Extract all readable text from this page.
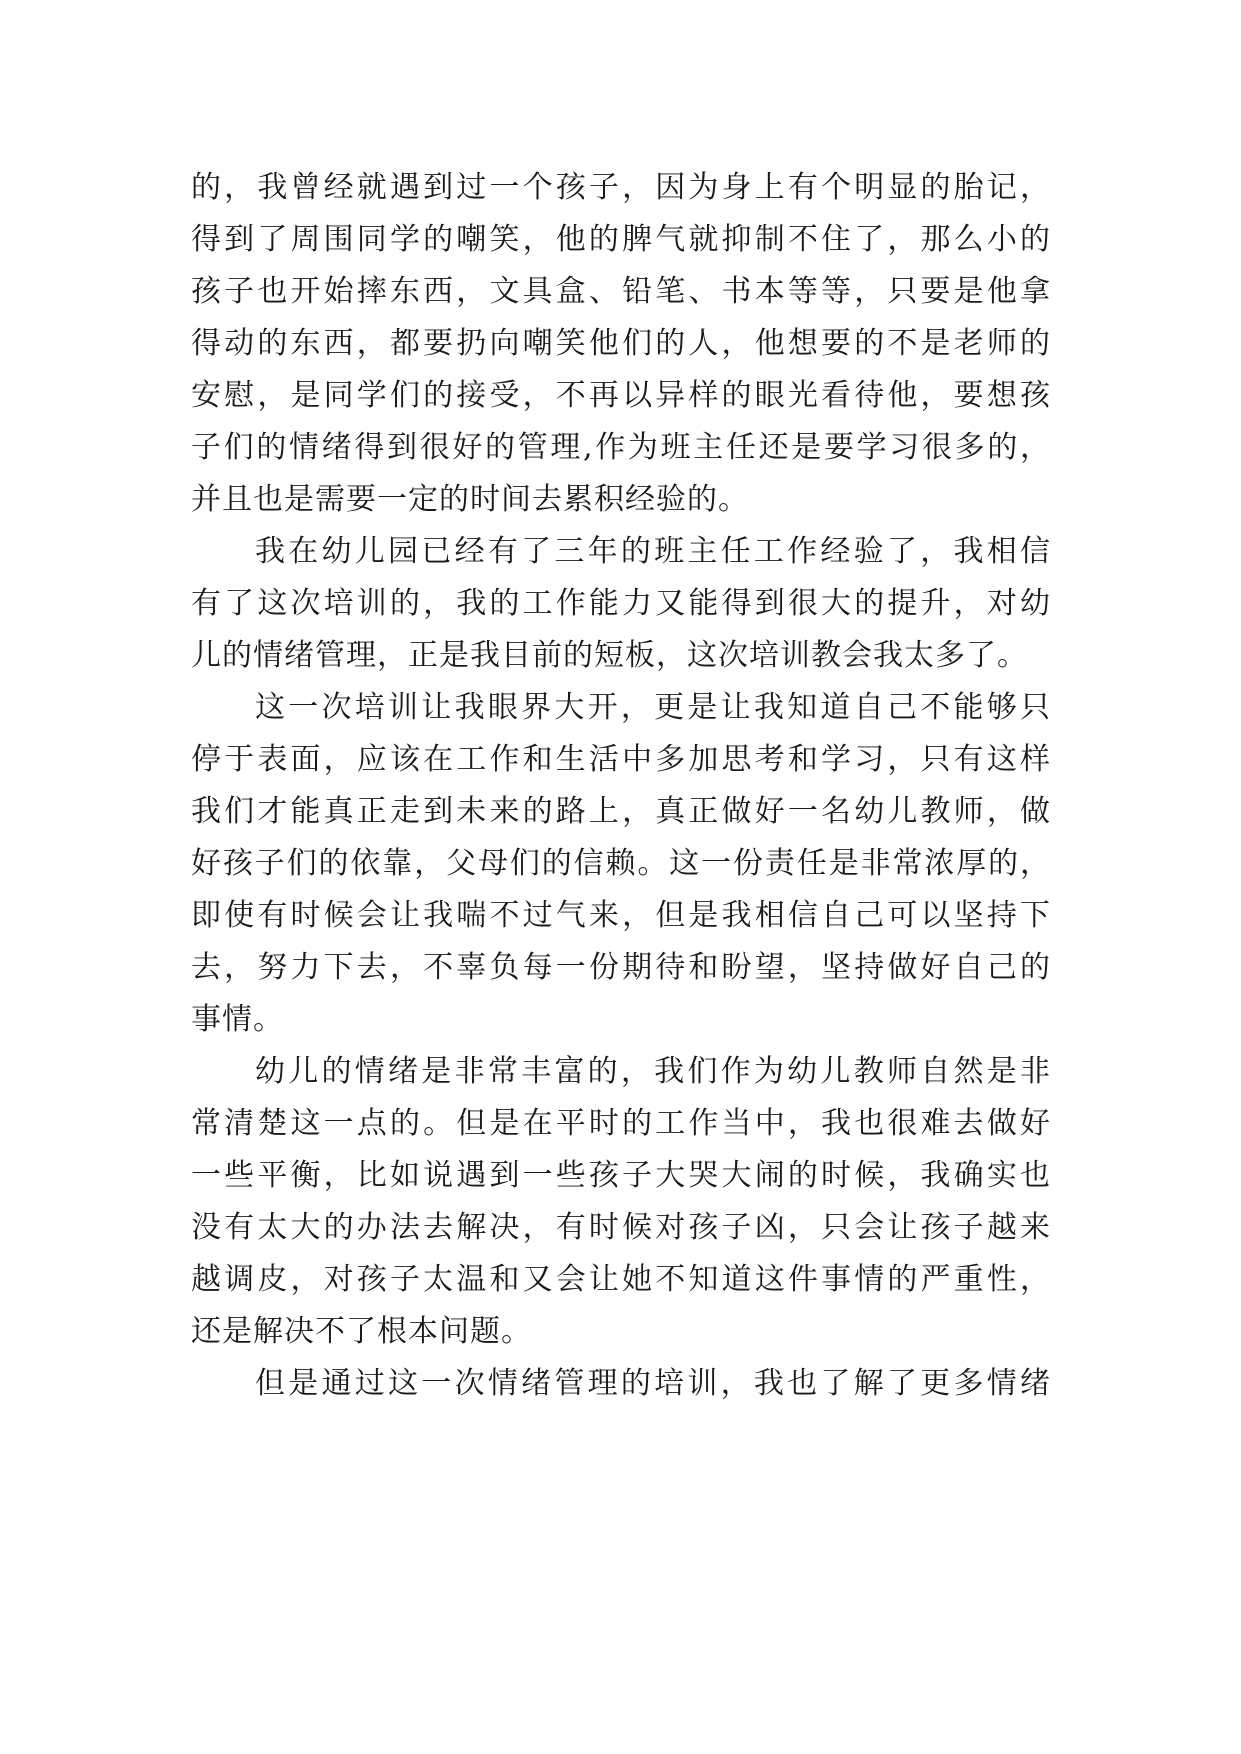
的，我曾经就遇到过一个孩子，因为身上有个明显的胎记，
得到了周围同学的嘲笑，他的脾气就抑制不住了，那么小的
孩子也开始摔东西，文具盒、铅笔、书本等等，只要是他拿
得动的东西，都要扔向嘲笑他们的人，他想要的不是老师的
安慰，是同学们的接受，不再以异样的眼光看待他，要想孩
子们的情绪得到很好的管理,作为班主任还是要学习很多的，
并且也是需要一定的时间去累积经验的。
我在幼儿园已经有了三年的班主任工作经验了，我相信
有了这次培训的，我的工作能力又能得到很大的提升，对幼
儿的情绪管理，正是我目前的短板，这次培训教会我太多了。
这一次培训让我眼界大开，更是让我知道自己不能够只
停于表面，应该在工作和生活中多加思考和学习，只有这样
我们才能真正走到未来的路上，真正做好一名幼儿教师，做
好孩子们的依靠，父母们的信赖。这一份责任是非常浓厚的，
即使有时候会让我喘不过气来，但是我相信自己可以坚持下
去，努力下去，不辜负每一份期待和盼望，坚持做好自己的
事情。
幼儿的情绪是非常丰富的，我们作为幼儿教师自然是非
常清楚这一点的。但是在平时的工作当中，我也很难去做好
一些平衡，比如说遇到一些孩子大哭大闹的时候，我确实也
没有太大的办法去解决，有时候对孩子凶，只会让孩子越来
越调皮，对孩子太温和又会让她不知道这件事情的严重性，
还是解决不了根本问题。
但是通过这一次情绪管理的培训，我也了解了更多情绪
